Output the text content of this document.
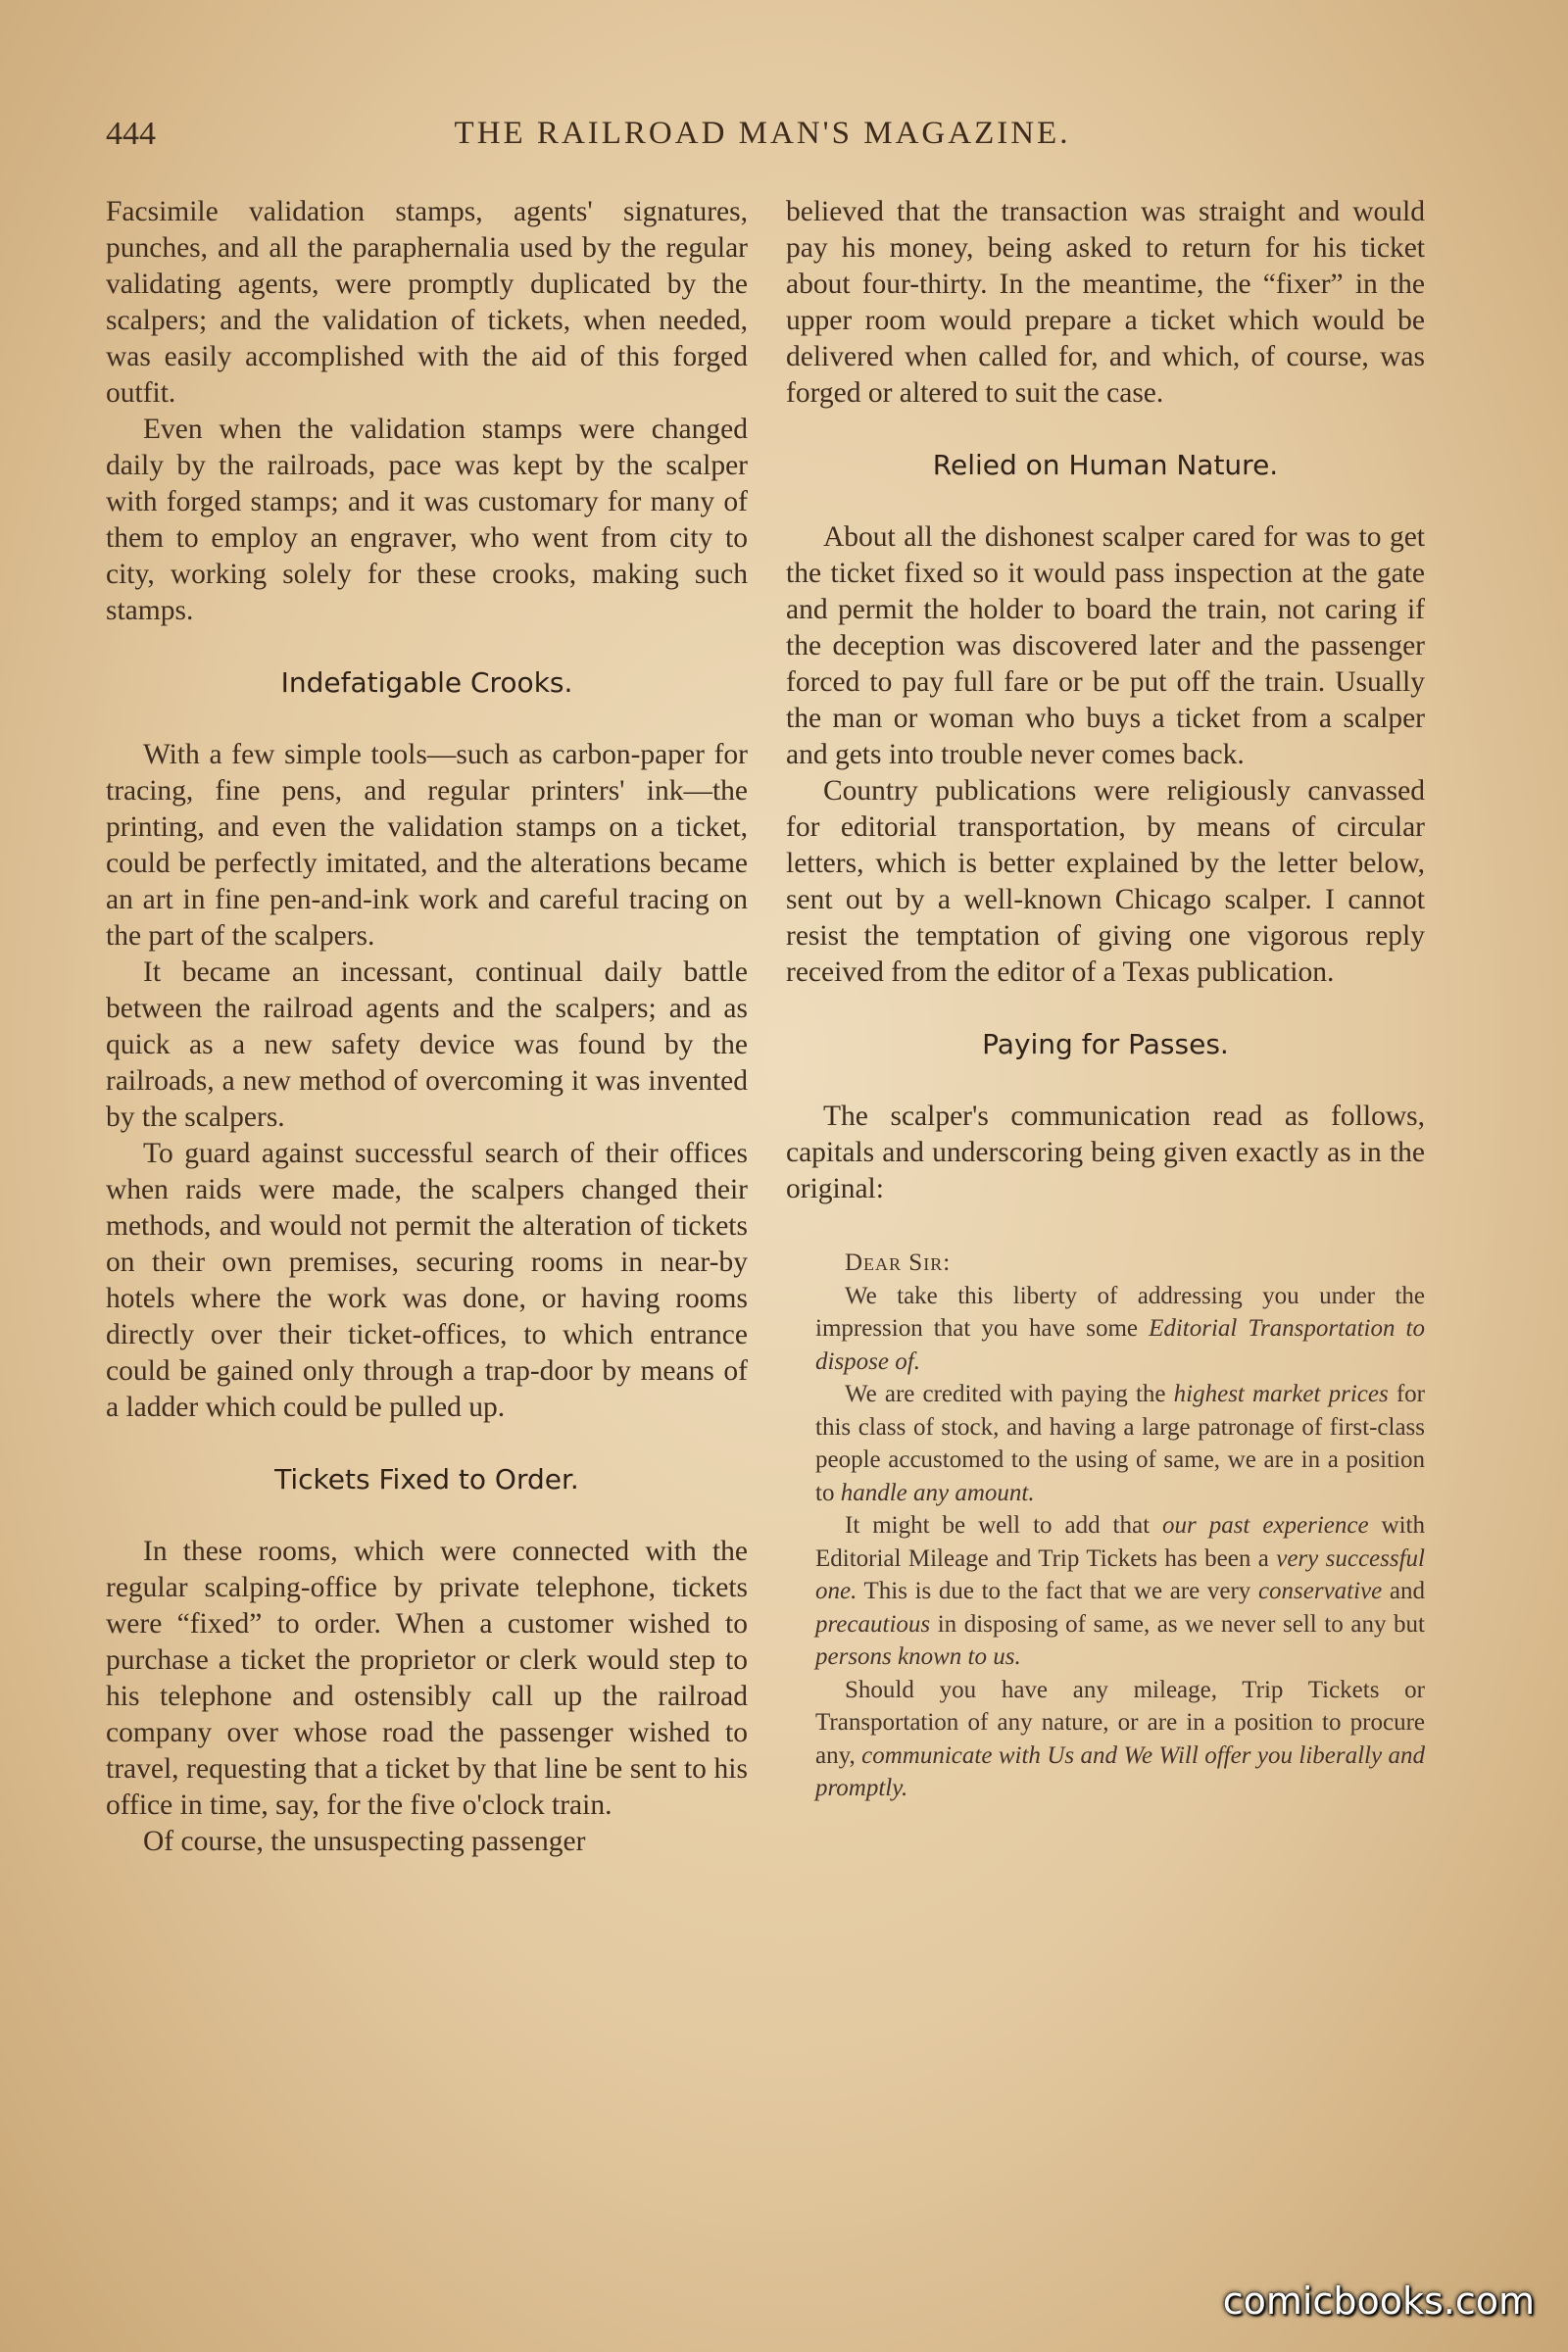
444	THE RAILROAD MAN'S MAGAZINE.

Facsimile validation stamps, agents' signatures, punches, and all the paraphernalia used by the regular validating agents, were promptly duplicated by the scalpers; and the validation of tickets, when needed, was easily accomplished with the aid of this forged outfit.

Even when the validation stamps were changed daily by the railroads, pace was kept by the scalper with forged stamps; and it was customary for many of them to employ an engraver, who went from city to city, working solely for these crooks, making such stamps.

Indefatigable Crooks.

With a few simple tools—such as carbon-paper for tracing, fine pens, and regular printers' ink—the printing, and even the validation stamps on a ticket, could be perfectly imitated, and the alterations became an art in fine pen-and-ink work and careful tracing on the part of the scalpers.

It became an incessant, continual daily battle between the railroad agents and the scalpers; and as quick as a new safety device was found by the railroads, a new method of overcoming it was invented by the scalpers.

To guard against successful search of their offices when raids were made, the scalpers changed their methods, and would not permit the alteration of tickets on their own premises, securing rooms in near-by hotels where the work was done, or having rooms directly over their ticket-offices, to which entrance could be gained only through a trap-door by means of a ladder which could be pulled up.

Tickets Fixed to Order.

In these rooms, which were connected with the regular scalping-office by private telephone, tickets were “fixed” to order. When a customer wished to purchase a ticket the proprietor or clerk would step to his telephone and ostensibly call up the railroad company over whose road the passenger wished to travel, requesting that a ticket by that line be sent to his office in time, say, for the five o'clock train.

Of course, the unsuspecting passenger

believed that the transaction was straight and would pay his money, being asked to return for his ticket about four-thirty. In the meantime, the “fixer” in the upper room would prepare a ticket which would be delivered when called for, and which, of course, was forged or altered to suit the case.

Relied on Human Nature.

About all the dishonest scalper cared for was to get the ticket fixed so it would pass inspection at the gate and permit the holder to board the train, not caring if the deception was discovered later and the passenger forced to pay full fare or be put off the train. Usually the man or woman who buys a ticket from a scalper and gets into trouble never comes back.

Country publications were religiously canvassed for editorial transportation, by means of circular letters, which is better explained by the letter below, sent out by a well-known Chicago scalper. I cannot resist the temptation of giving one vigorous reply received from the editor of a Texas publication.

Paying for Passes.

The scalper's communication read as follows, capitals and underscoring being given exactly as in the original:

Dear Sir:

We take this liberty of addressing you under the impression that you have some Editorial Transportation to dispose of.

We are credited with paying the highest market prices for this class of stock, and having a large patronage of first-class people accustomed to the using of same, we are in a position to handle any amount.

It might be well to add that our past experience with Editorial Mileage and Trip Tickets has been a very successful one. This is due to the fact that we are very conservative and precautious in disposing of same, as we never sell to any but persons known to us.

Should you have any mileage, Trip Tickets or Transportation of any nature, or are in a position to procure any, communicate with Us and We Will offer you liberally and promptly.

comicbooks.com
